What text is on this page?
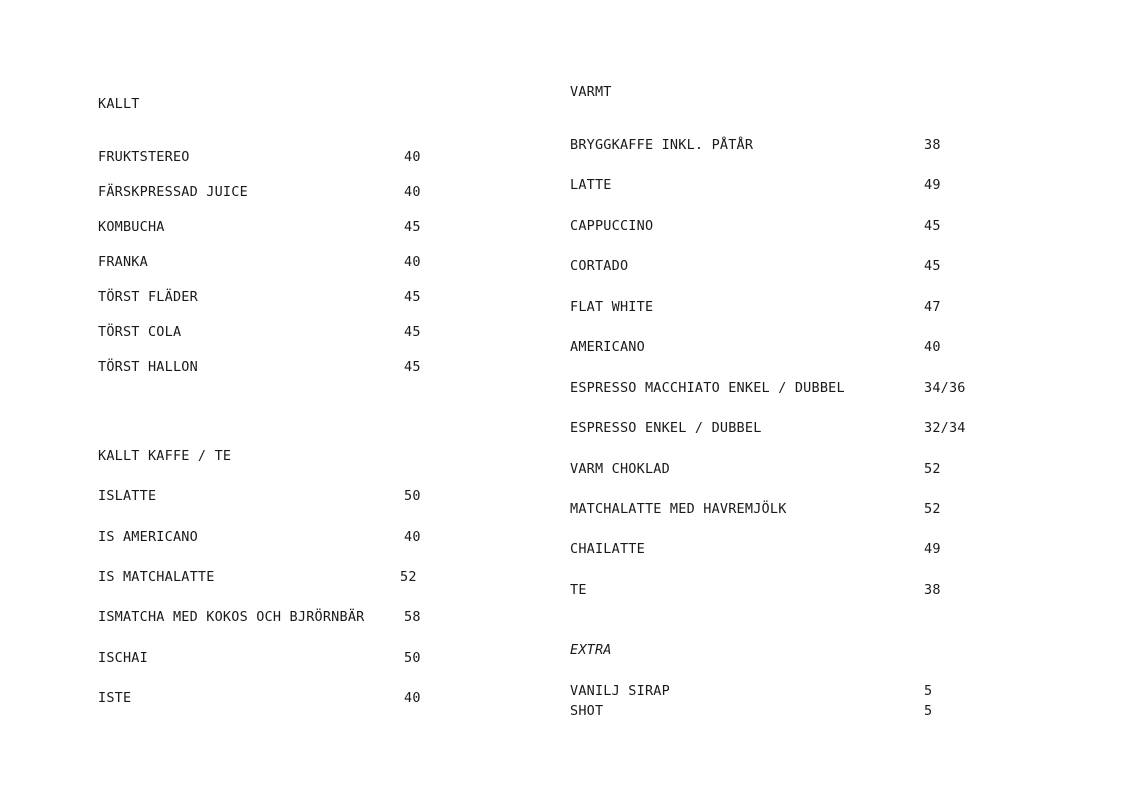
KALLT
FRUKTSTEREO	40
FÄRSKPRESSAD JUICE	40
KOMBUCHA	45
FRANKA	40
TÖRST FLÄDER	45
TÖRST COLA	45
TÖRST HALLON	45
KALLT KAFFE / TE
ISLATTE	50
IS AMERICANO	40
IS MATCHALATTE	52
ISMATCHA MED KOKOS OCH BJRÖRNBÄR	58
ISCHAI	50
ISTE	40
VARMT
BRYGGKAFFE INKL. PÅTÅR	38
LATTE	49
CAPPUCCINO	45
CORTADO	45
FLAT WHITE	47
AMERICANO	40
ESPRESSO MACCHIATO ENKEL / DUBBEL	34/36
ESPRESSO ENKEL / DUBBEL	32/34
VARM CHOKLAD	52
MATCHALATTE MED HAVREMJÖLK	52
CHAILATTE	49
TE	38
EXTRA
VANILJ SIRAP	5
SHOT	5
